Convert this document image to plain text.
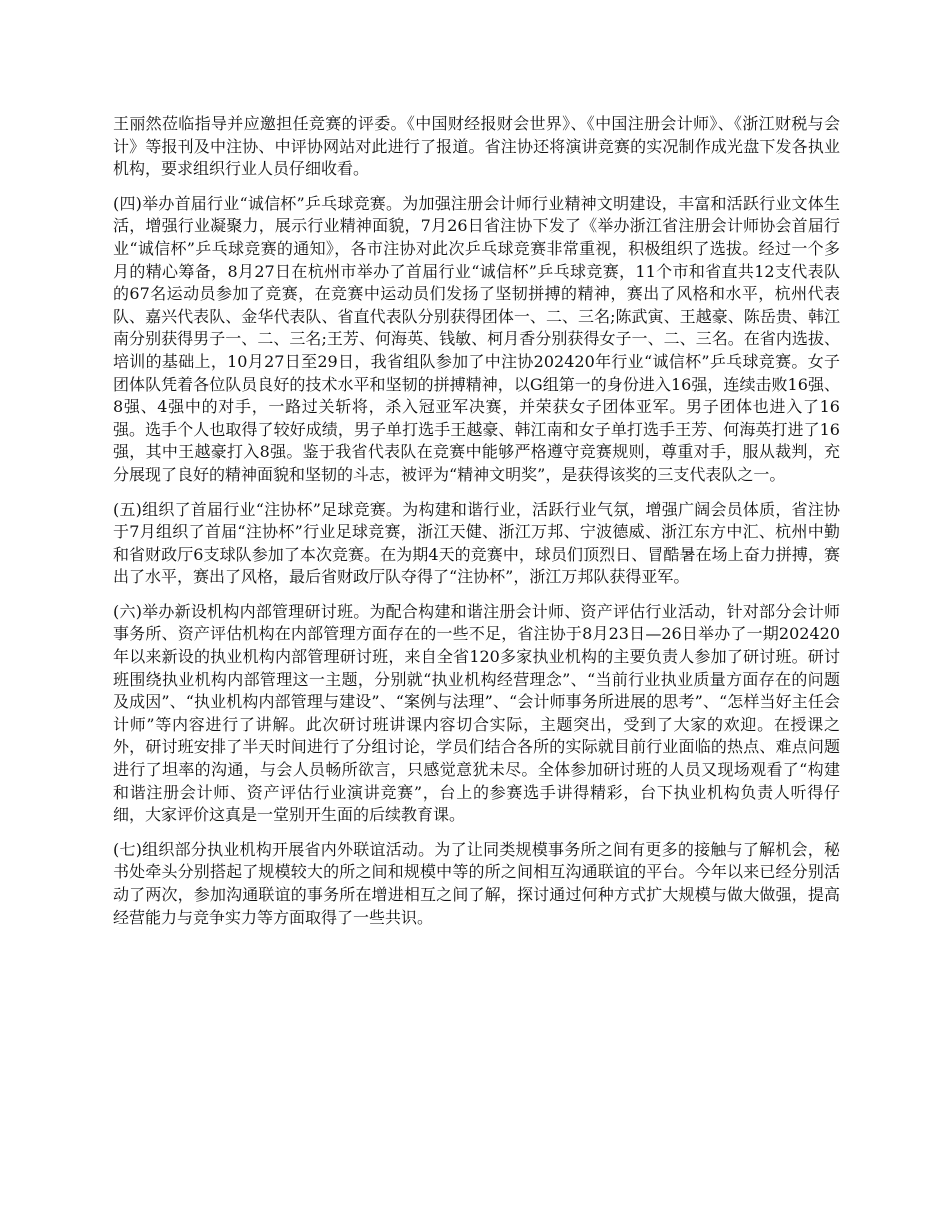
王丽然莅临指导并应邀担任竞赛的评委。《中国财经报财会世界》、《中国注册会计师》、《浙江财税与会计》等报刊及中注协、中评协网站对此进行了报道。省注协还将演讲竞赛的实况制作成光盘下发各执业机构，要求组织行业人员仔细收看。

(四)举办首届行业“诚信杯”乒乓球竞赛。为加强注册会计师行业精神文明建设，丰富和活跃行业文体生活，增强行业凝聚力，展示行业精神面貌，7月26日省注协下发了《举办浙江省注册会计师协会首届行业“诚信杯”乒乓球竞赛的通知》，各市注协对此次乒乓球竞赛非常重视，积极组织了选拔。经过一个多月的精心筹备，8月27日在杭州市举办了首届行业“诚信杯”乒乓球竞赛，11个市和省直共12支代表队的67名运动员参加了竞赛，在竞赛中运动员们发扬了坚韧拼搏的精神，赛出了风格和水平，杭州代表队、嘉兴代表队、金华代表队、省直代表队分别获得团体一、二、三名;陈武寅、王越豪、陈岳贵、韩江南分别获得男子一、二、三名;王芳、何海英、钱敏、柯月香分别获得女子一、二、三名。在省内选拔、培训的基础上，10月27日至29日，我省组队参加了中注协202420年行业“诚信杯”乒乓球竞赛。女子团体队凭着各位队员良好的技术水平和坚韧的拼搏精神，以G组第一的身份进入16强，连续击败16强、8强、4强中的对手，一路过关斩将，杀入冠亚军决赛，并荣获女子团体亚军。男子团体也进入了16强。选手个人也取得了较好成绩，男子单打选手王越豪、韩江南和女子单打选手王芳、何海英打进了16强，其中王越豪打入8强。鉴于我省代表队在竞赛中能够严格遵守竞赛规则，尊重对手，服从裁判，充分展现了良好的精神面貌和坚韧的斗志，被评为“精神文明奖”，是获得该奖的三支代表队之一。

(五)组织了首届行业“注协杯”足球竞赛。为构建和谐行业，活跃行业气氛，增强广阔会员体质，省注协于7月组织了首届“注协杯”行业足球竞赛，浙江天健、浙江万邦、宁波德威、浙江东方中汇、杭州中勤和省财政厅6支球队参加了本次竞赛。在为期4天的竞赛中，球员们顶烈日、冒酷暑在场上奋力拼搏，赛出了水平，赛出了风格，最后省财政厅队夺得了“注协杯”，浙江万邦队获得亚军。

(六)举办新设机构内部管理研讨班。为配合构建和谐注册会计师、资产评估行业活动，针对部分会计师事务所、资产评估机构在内部管理方面存在的一些不足，省注协于8月23日—26日举办了一期202420年以来新设的执业机构内部管理研讨班，来自全省120多家执业机构的主要负责人参加了研讨班。研讨班围绕执业机构内部管理这一主题，分别就“执业机构经营理念”、“当前行业执业质量方面存在的问题及成因”、“执业机构内部管理与建设”、“案例与法理”、“会计师事务所进展的思考”、“怎样当好主任会计师”等内容进行了讲解。此次研讨班讲课内容切合实际，主题突出，受到了大家的欢迎。在授课之外，研讨班安排了半天时间进行了分组讨论，学员们结合各所的实际就目前行业面临的热点、难点问题进行了坦率的沟通，与会人员畅所欲言，只感觉意犹未尽。全体参加研讨班的人员又现场观看了“构建和谐注册会计师、资产评估行业演讲竞赛”，台上的参赛选手讲得精彩，台下执业机构负责人听得仔细，大家评价这真是一堂别开生面的后续教育课。

(七)组织部分执业机构开展省内外联谊活动。为了让同类规模事务所之间有更多的接触与了解机会，秘书处牵头分别搭起了规模较大的所之间和规模中等的所之间相互沟通联谊的平台。今年以来已经分别活动了两次，参加沟通联谊的事务所在增进相互之间了解，探讨通过何种方式扩大规模与做大做强，提高经营能力与竞争实力等方面取得了一些共识。
